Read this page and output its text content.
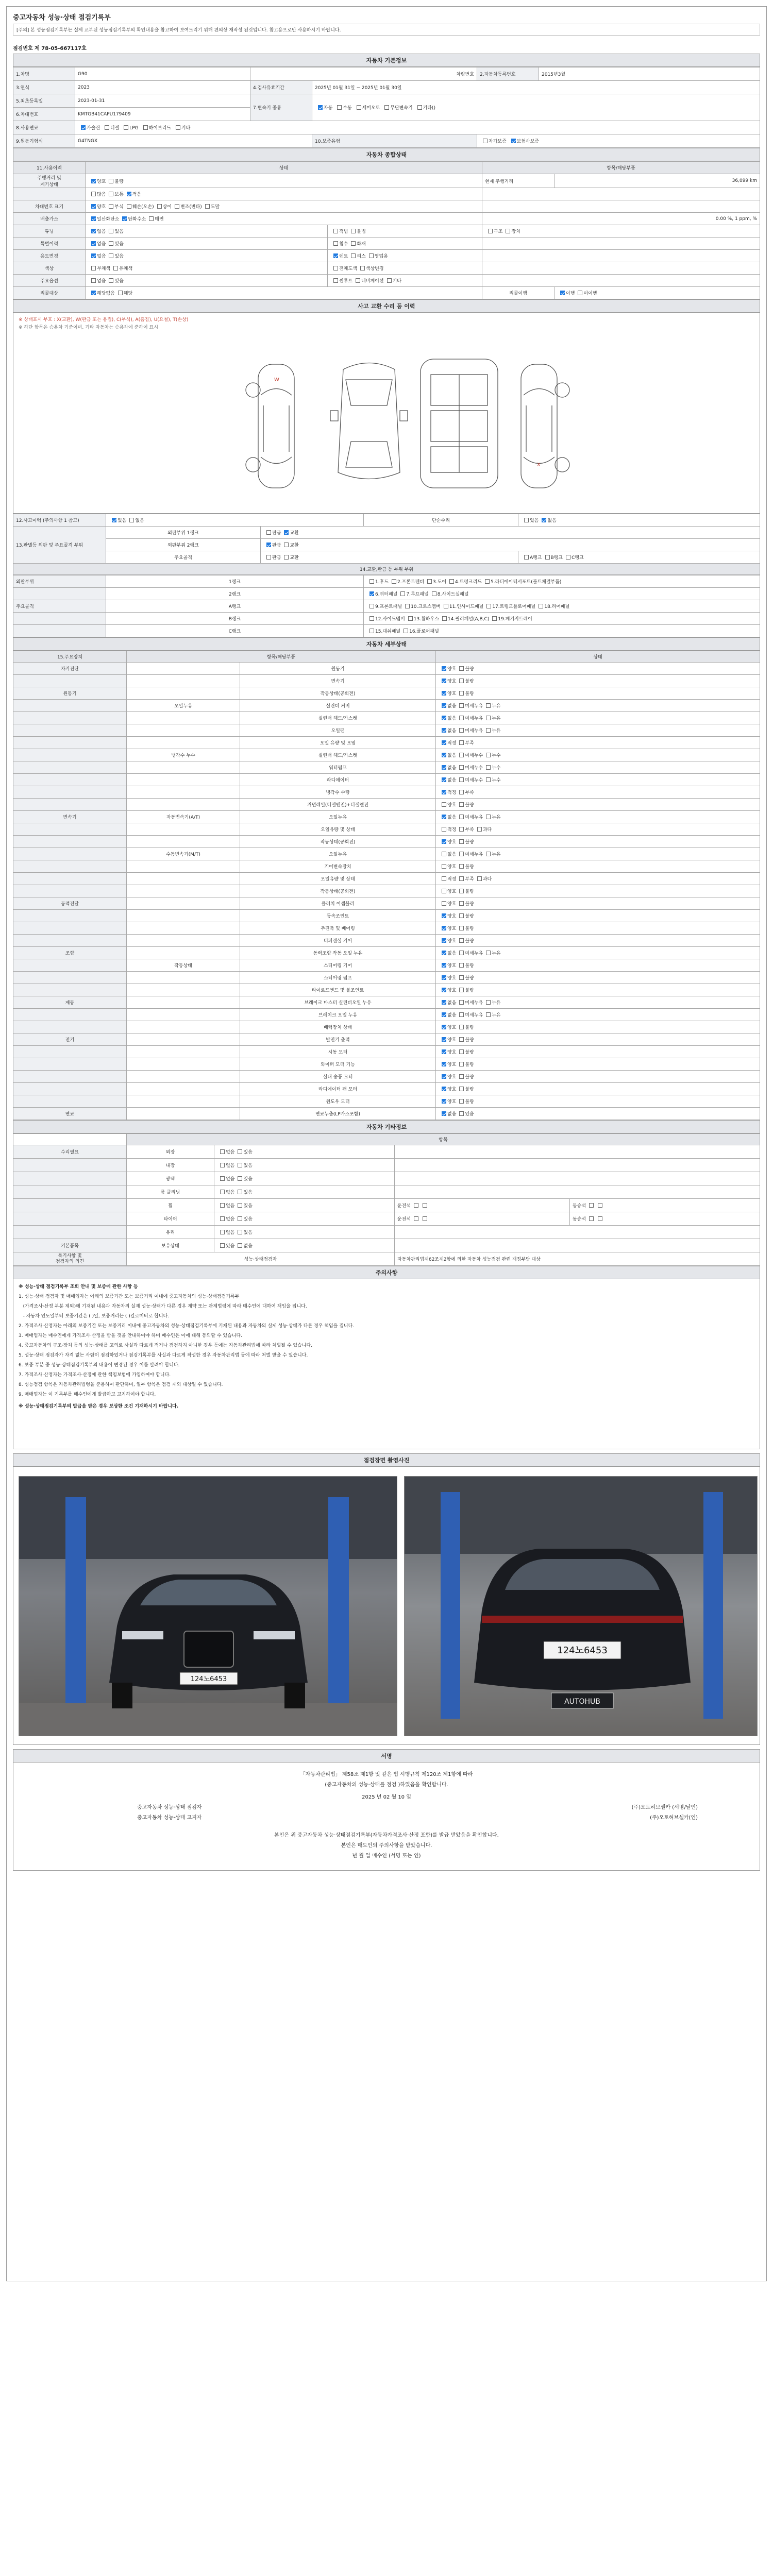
중고자동차 성능·상태 점검기록부
[주의] 본 성능점검기록부는 실제 교부된 성능점검기록부의 확인내용을 참고하여 보여드리기 위해 편의상 재작성 된것입니다. 참고용으로만 사용하시기 바랍니다.
점검번호 제 78-05-667117호
자동차 기본정보
1.차명	G90	차량번호		2.자동차등록번호	2015년3월
3.연식	2023	4.검사유효기간	2025년 01월 31일 ~ 2025년 01월 30일		
5.최초등록일	2023-01-31	7.변속기 종류	자동 수동 세미오토 무단변속기 기타()		
6.차대번호	KMTGB41CAPU179409				
8.사용연료	가솔린 디젤 LPG 하이브리드 기타				
9.원동기형식	G4TNGX		10.보증유형	자가보증 보험사보증	
자동차 종합상태
11.사용이력	상태		항목/해당부품	
주행거리 및
계기상태	양호 불량		현재 주행거리	36,099 km
	많음 보통 적음			
차대번호 표기	양호 부식 훼손(오손) 상이 변조(변타) 도말			
배출가스	일산화탄소 탄화수소 매연		0.00 %, 1 ppm, %	
튜닝	없음 있음	적법 불법	구조 장치	
특별이력	없음 있음	침수 화재		
용도변경	없음 있음	렌트 리스 영업용		
색상	무채색 유채색	전체도색 색상변경		
주요옵션	없음 있음	썬루프 네비게이션 기타		
리콜대상	해당없음 해당		리콜이행	이행 미이행
사고 교환 수리 등 이력
※ 상태표시 부호 : X(교환), W(판금 또는 용접), C(부식), A(흠집), U(요철), T(손상)
※ 하단 항목은 승용차 기준이며, 기타 자동차는 승용차에 준하여 표시
W
X
12.사고이력 (주의사항 1 참고)	있음 없음		단순수리	있음 없음
13.판넬등 외판 및 주요골격 부위	외판부위 1랭크	판금 교환		
	외판부위 2랭크	판금 교환		
	주요골격	판금 교환		A랭크 B랭크 C랭크
14.교환,판금 등 부위 부위				
외판부위	1랭크	1.후드 2.프론트펜더 3.도어 4.트렁크리드 5.라디에이터서포트(볼트체결부품)
	2랭크	6.쿼터패널 7.루프패널 8.사이드실패널
주요골격	A랭크	9.프론트패널 10.크로스멤버 11.인사이드패널 17.트렁크플로어패널 18.리어패널
	B랭크	12.사이드멤버 13.휠하우스 14.필러패널(A,B,C) 19.패키지트레이
	C랭크	15.대쉬패널 16.플로어패널
자동차 세부상태
15.주요장치	항목/해당부품		상태
자기진단		원동기	양호 불량
		변속기	양호 불량
원동기		작동상태(공회전)	양호 불량
	오일누유	실린더 커버	없음 미세누유 누유
		실린더 헤드/가스켓	없음 미세누유 누유
		오일팬	없음 미세누유 누유
		오일 유량 및 오염	적정 부족
	냉각수 누수	실린더 헤드/가스켓	없음 미세누수 누수
		워터펌프	없음 미세누수 누수
		라디에이터	없음 미세누수 누수
		냉각수 수량	적정 부족
		커먼레일(디젤엔진)+디젤엔진	양호 불량
변속기	자동변속기(A/T)	오일누유	없음 미세누유 누유
		오일유량 및 상태	적정 부족 과다
		작동상태(공회전)	양호 불량
	수동변속기(M/T)	오일누유	없음 미세누유 누유
		기어변속장치	양호 불량
		오일유량 및 상태	적정 부족 과다
		작동상태(공회전)	양호 불량
동력전달		클러치 어셈블리	양호 불량
		등속조인트	양호 불량
		추진축 및 베어링	양호 불량
		디퍼렌셜 기어	양호 불량
조향		동력조향 작동 오일 누유	없음 미세누유 누유
	작동상태	스티어링 기어	양호 불량
		스티어링 펌프	양호 불량
		타이로드엔드 및 볼조인트	양호 불량
제동		브레이크 마스터 실린더오일 누유	없음 미세누유 누유
		브레이크 오일 누유	없음 미세누유 누유
		배력장치 상태	양호 불량
전기		발전기 출력	양호 불량
		시동 모터	양호 불량
		와이퍼 모터 기능	양호 불량
		실내 송풍 모터	양호 불량
		라디에이터 팬 모터	양호 불량
		윈도우 모터	양호 불량
연료		연료누출(LP가스포함)	없음 있음
자동차 기타정보
	항목			
수리필요	외장	없음 있음		
	내장	없음 있음		
	광택	없음 있음		
	룸 클리닝	없음 있음		
	휠	없음 있음	운전석	동승석
	타이어	없음 있음	운전석	동승석
	유리	없음 있음		
기본품목	보유상태	있음 없음		
특기사항 및
점검자의 의견	성능·상태점검자		자동차관리법제62조제2항에 의한 자동차 성능점검 관련 재정부담 대상	
주의사항
※ 성능·상태 점검기록부 조회 안내 및 보증에 관한 사항 등
1. 성능·상태 점검자 및 매매업자는 아래의 보증기간 또는 보증거리 이내에 중고자동차의 성능·상태점검기록부
(가격조사·산정 부분 제외)에 기재된 내용과 자동차의 실제 성능·상태가 다른 경우 계약 또는 관계법령에 따라 매수인에 대하여 책임을 집니다.
- 자동차 인도일부터 보증기간은 ( )일, 보증거리는 ( )킬로미터로 합니다.
2. 가격조사·산정자는 아래의 보증기간 또는 보증거리 이내에 중고자동차의 성능·상태점검기록부에 기재된 내용과 자동차의 실제 성능·상태가 다른 경우 책임을 집니다.
3. 매매업자는 매수인에게 가격조사·산정을 받을 것을 안내하여야 하며 매수인은 이에 대해 동의할 수 있습니다.
4. 중고자동차의 구조·장치 등의 성능·상태를 고의로 사실과 다르게 적거나 점검하지 아니한 경우 등에는 자동차관리법에 따라 처벌될 수 있습니다.
5. 성능·상태 점검자가 자격 없는 사람이 점검하였거나 점검기록부를 사실과 다르게 작성한 경우 자동차관리법 등에 따라 처벌 받을 수 있습니다.
6. 보증 부분 중 성능·상태점검기록부의 내용이 변경된 경우 이를 알려야 합니다.
7. 가격조사·산정자는 가격조사·산정에 관한 책임보험에 가입하여야 합니다.
8. 성능점검 항목은 자동차관리법령을 준용하여 판단하며, 일부 항목은 점검 제외 대상일 수 있습니다.
9. 매매업자는 이 기록부를 매수인에게 발급하고 고지하여야 합니다.
※ 성능·상태점검기록부의 발급을 받은 경우 보상한 조건 기재하시기 바랍니다.
점검장면 촬영사진
124노6453
124노6453
AUTOHUB
서명
「자동차관리법」 제58조 제1항 및 같은 법 시행규칙 제120조 제1항에 따라
(중고자동차의 성능·상태를 점검 )하였음을 확인합니다.
2025 년 02 월 10 일
중고자동차 성능·상태 점검자	(주)오토허브셀카 (서명/날인)
중고자동차 성능·상태 고지자	(주)오토허브셀카(인)
본인은 위 중고자동차 성능·상태점검기록부(자동차가격조사·산정 포함)를 발급 받았음을 확인합니다.
본인은 매도인의 주의사항을 받았습니다.
년 월 일 매수인 (서명 또는 인)
